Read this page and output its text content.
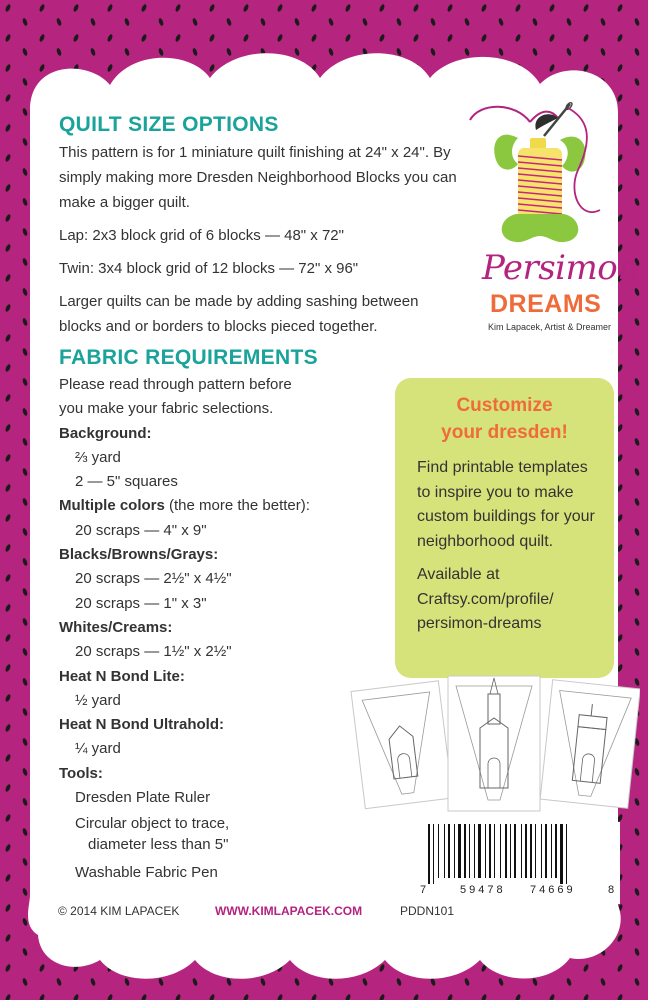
QUILT SIZE OPTIONS

This pattern is for 1 miniature quilt finishing at 24" x 24". By simply making more Dresden Neighborhood Blocks you can make a bigger quilt.

Lap: 2x3 block grid of 6 blocks — 48" x 72"

Twin: 3x4 block grid of 12 blocks — 72" x 96"

Larger quilts can be made by adding sashing between blocks and or borders to blocks pieced together.

FABRIC REQUIREMENTS

Please read through pattern before you make your fabric selections.

Background:

⅔ yard

2 — 5" squares

Multiple colors (the more the better):

20 scraps — 4" x 9"

Blacks/Browns/Grays:

20 scraps — 2½" x 4½"

20 scraps — 1" x 3"

Whites/Creams:

20 scraps — 1½" x 2½"

Heat N Bond Lite:

½ yard

Heat N Bond Ultrahold:

¼ yard

Tools:

Dresden Plate Ruler

Circular object to trace,

diameter less than 5"

Washable Fabric Pen

Persimon
DREAMS
Kim Lapacek, Artist & Dreamer
Customize
your dresden!
Find printable templates to inspire you to make custom buildings for your neighborhood quilt.
Available at Craftsy.com/profile/ persimon-dreams
7	59478 74669	8
© 2014 KIM LAPACEK	WWW.KIMLAPACEK.COM	PDDN101
